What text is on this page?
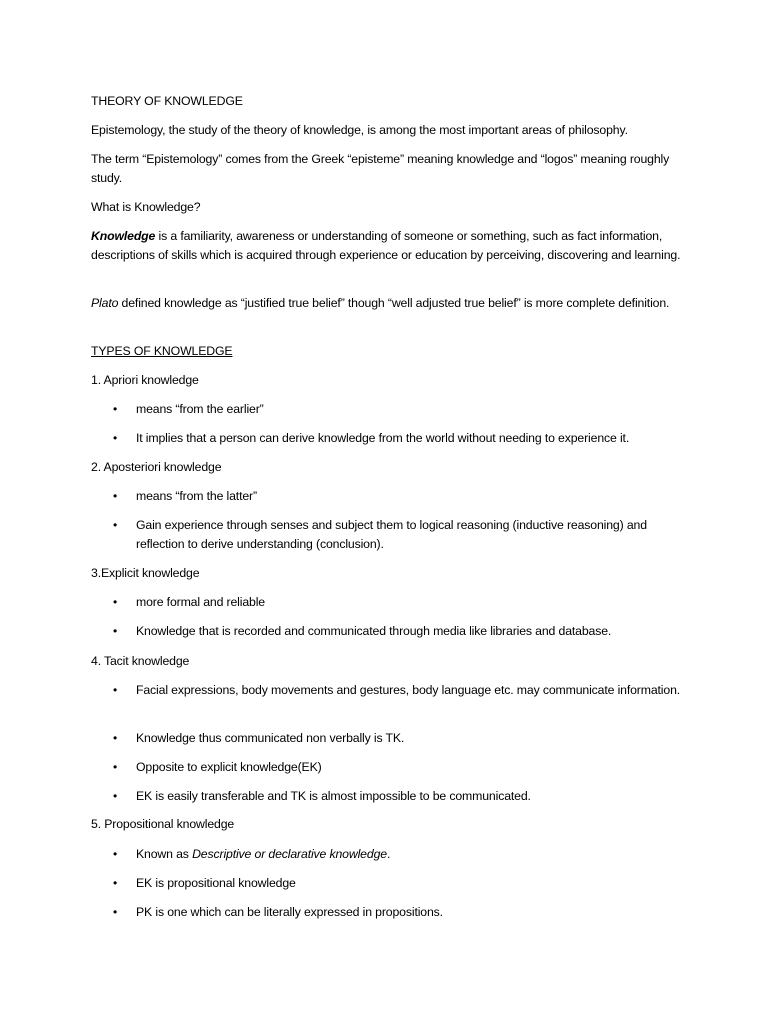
THEORY OF KNOWLEDGE

Epistemology, the study of the theory of knowledge, is among the most important areas of philosophy.

The term “Epistemology” comes from the Greek “episteme” meaning knowledge and “logos” meaning roughly study.

What is Knowledge?

Knowledge is a familiarity, awareness or understanding of someone or something, such as fact information, descriptions of skills which is acquired through experience or education by perceiving, discovering and learning.

Plato defined knowledge as “justified true belief” though “well adjusted true belief” is more complete definition.

TYPES OF KNOWLEDGE

1. Apriori knowledge

• means “from the earlier”

• It implies that a person can derive knowledge from the world without needing to experience it.

2. Aposteriori knowledge

• means “from the latter”

• Gain experience through senses and subject them to logical reasoning (inductive reasoning) and reflection to derive understanding (conclusion).

3.Explicit knowledge

• more formal and reliable

• Knowledge that is recorded and communicated through media like libraries and database.

4. Tacit knowledge

• Facial expressions, body movements and gestures, body language etc. may communicate information.

• Knowledge thus communicated non verbally is TK.

• Opposite to explicit knowledge(EK)

• EK is easily transferable and TK is almost impossible to be communicated.

5. Propositional knowledge

• Known as Descriptive or declarative knowledge.

• EK is propositional knowledge

• PK is one which can be literally expressed in propositions.
